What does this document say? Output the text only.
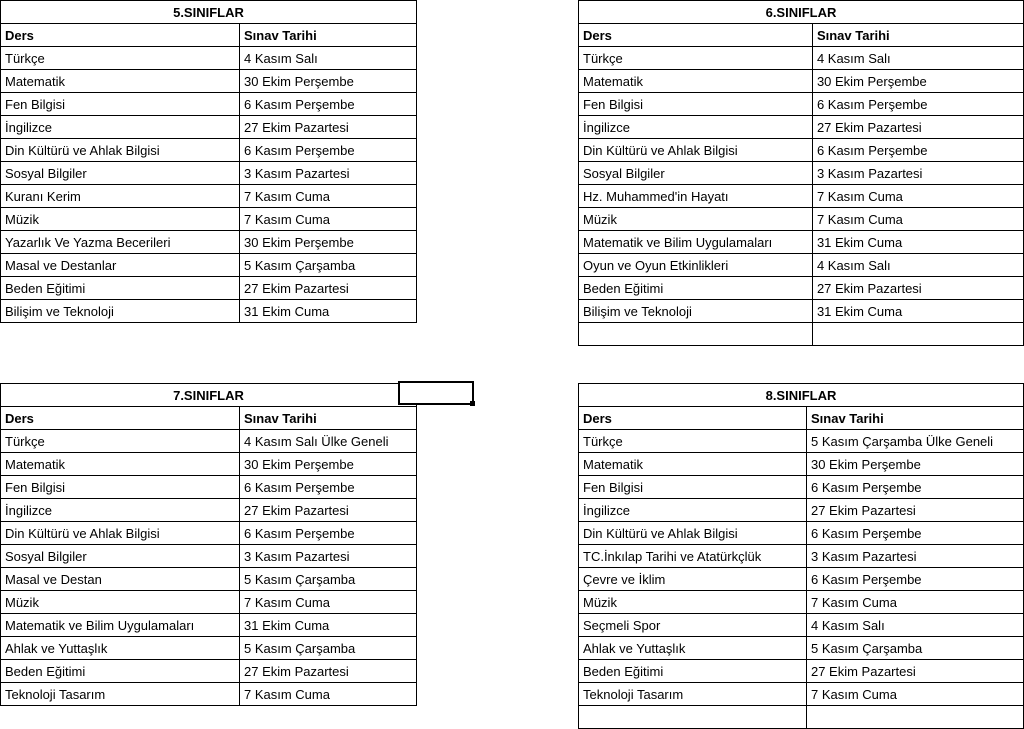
5.SINIFLAR	
Ders	Sınav Tarihi
Türkçe	4 Kasım Salı
Matematik	30 Ekim Perşembe
Fen Bilgisi	6 Kasım Perşembe
İngilizce	27 Ekim Pazartesi
Din Kültürü ve Ahlak Bilgisi	6 Kasım Perşembe
Sosyal Bilgiler	3 Kasım Pazartesi
Kuranı Kerim	7 Kasım Cuma
Müzik	7 Kasım Cuma
Yazarlık Ve Yazma Becerileri	30 Ekim Perşembe
Masal ve Destanlar	5 Kasım Çarşamba
Beden Eğitimi	27 Ekim Pazartesi
Bilişim ve Teknoloji	31 Ekim Cuma
6.SINIFLAR	
Ders	Sınav Tarihi
Türkçe	4 Kasım Salı
Matematik	30 Ekim Perşembe
Fen Bilgisi	6 Kasım Perşembe
İngilizce	27 Ekim Pazartesi
Din Kültürü ve Ahlak Bilgisi	6 Kasım Perşembe
Sosyal Bilgiler	3 Kasım Pazartesi
Hz. Muhammed'in Hayatı	7 Kasım Cuma
Müzik	7 Kasım Cuma
Matematik ve Bilim Uygulamaları	31 Ekim Cuma
Oyun ve Oyun Etkinlikleri	4 Kasım Salı
Beden Eğitimi	27 Ekim Pazartesi
Bilişim ve Teknoloji	31 Ekim Cuma

7.SINIFLAR	
Ders	Sınav Tarihi
Türkçe	4 Kasım Salı Ülke Geneli
Matematik	30 Ekim Perşembe
Fen Bilgisi	6 Kasım Perşembe
İngilizce	27 Ekim Pazartesi
Din Kültürü ve Ahlak Bilgisi	6 Kasım Perşembe
Sosyal Bilgiler	3 Kasım Pazartesi
Masal ve Destan	5 Kasım Çarşamba
Müzik	7 Kasım Cuma
Matematik ve Bilim Uygulamaları	31 Ekim Cuma
Ahlak ve Yuttaşlık	5 Kasım Çarşamba
Beden Eğitimi	27 Ekim Pazartesi
Teknoloji Tasarım	7 Kasım Cuma
8.SINIFLAR	
Ders	Sınav Tarihi
Türkçe	5 Kasım Çarşamba Ülke Geneli
Matematik	30 Ekim Perşembe
Fen Bilgisi	6 Kasım Perşembe
İngilizce	27 Ekim Pazartesi
Din Kültürü ve Ahlak Bilgisi	6 Kasım Perşembe
TC.İnkılap Tarihi ve Atatürkçlük	3 Kasım Pazartesi
Çevre ve İklim	6 Kasım Perşembe
Müzik	7 Kasım Cuma
Seçmeli Spor	4 Kasım Salı
Ahlak ve Yuttaşlık	5 Kasım Çarşamba
Beden Eğitimi	27 Ekim Pazartesi
Teknoloji Tasarım	7 Kasım Cuma
